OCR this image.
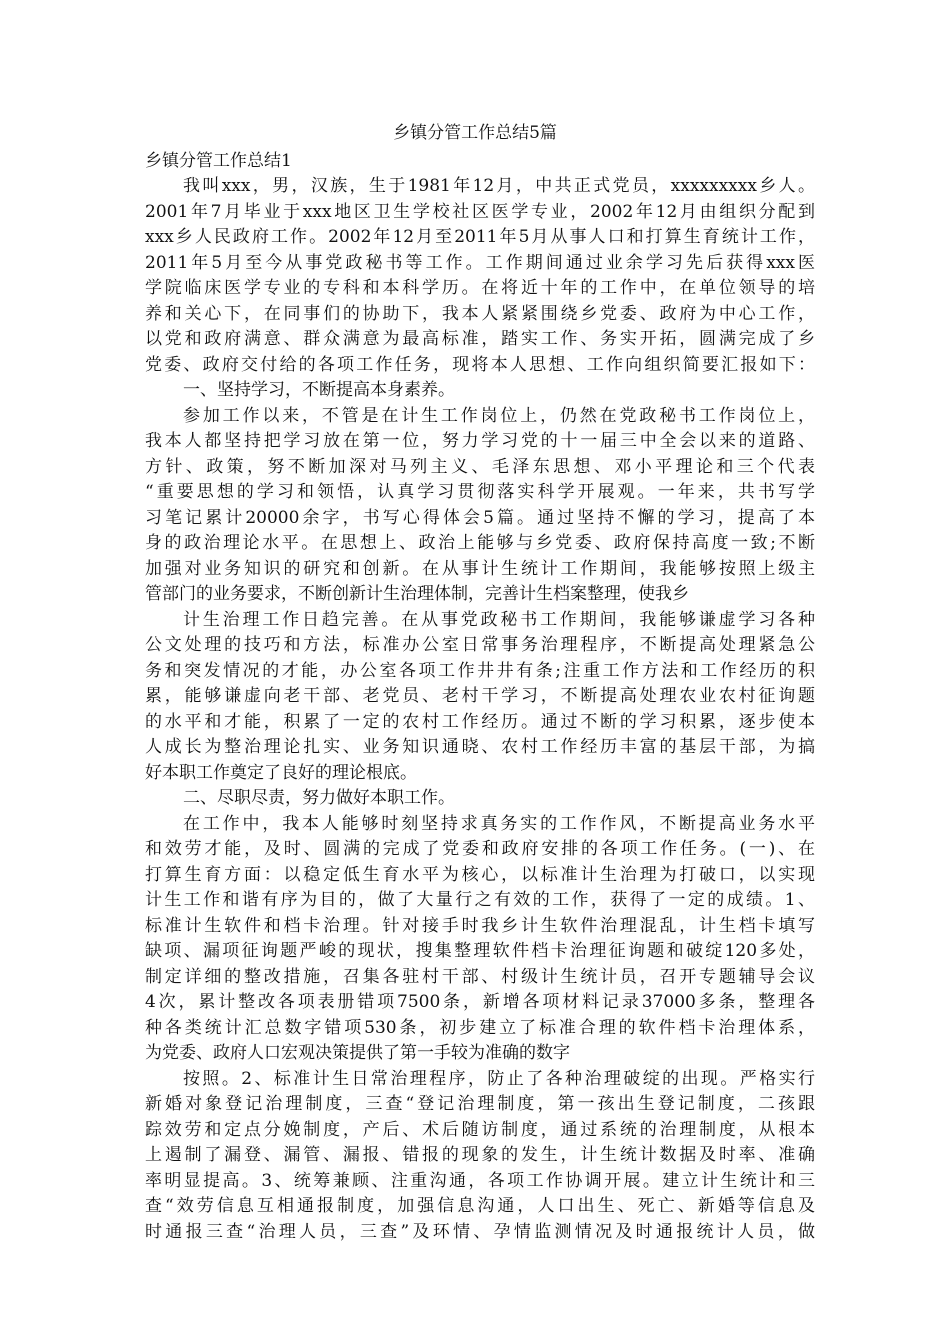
乡镇分管工作总结5篇
乡镇分管工作总结1
我叫xxx，男，汉族，生于1981年12月，中共正式党员，xxxxxxxxx乡人。
2001年7月毕业于xxx地区卫生学校社区医学专业，2002年12月由组织分配到
xxx乡人民政府工作。2002年12月至2011年5月从事人口和打算生育统计工作，
2011年5月至今从事党政秘书等工作。工作期间通过业余学习先后获得xxx医
学院临床医学专业的专科和本科学历。在将近十年的工作中，在单位领导的培
养和关心下，在同事们的协助下，我本人紧紧围绕乡党委、政府为中心工作，
以党和政府满意、群众满意为最高标准，踏实工作、务实开拓，圆满完成了乡
党委、政府交付给的各项工作任务，现将本人思想、工作向组织简要汇报如下：
一、坚持学习，不断提高本身素养。
参加工作以来，不管是在计生工作岗位上，仍然在党政秘书工作岗位上，
我本人都坚持把学习放在第一位，努力学习党的十一届三中全会以来的道路、
方针、政策，努不断加深对马列主义、毛泽东思想、邓小平理论和三个代表
“重要思想的学习和领悟，认真学习贯彻落实科学开展观。一年来，共书写学
习笔记累计20000余字，书写心得体会5篇。通过坚持不懈的学习，提高了本
身的政治理论水平。在思想上、政治上能够与乡党委、政府保持高度一致;不断
加强对业务知识的研究和创新。在从事计生统计工作期间，我能够按照上级主
管部门的业务要求，不断创新计生治理体制，完善计生档案整理，使我乡
计生治理工作日趋完善。在从事党政秘书工作期间，我能够谦虚学习各种
公文处理的技巧和方法，标准办公室日常事务治理程序，不断提高处理紧急公
务和突发情况的才能，办公室各项工作井井有条;注重工作方法和工作经历的积
累，能够谦虚向老干部、老党员、老村干学习，不断提高处理农业农村征询题
的水平和才能，积累了一定的农村工作经历。通过不断的学习积累，逐步使本
人成长为整治理论扎实、业务知识通晓、农村工作经历丰富的基层干部，为搞
好本职工作奠定了良好的理论根底。
二、尽职尽责，努力做好本职工作。
在工作中，我本人能够时刻坚持求真务实的工作作风，不断提高业务水平
和效劳才能，及时、圆满的完成了党委和政府安排的各项工作任务。(一)、在
打算生育方面：以稳定低生育水平为核心，以标准计生治理为打破口，以实现
计生工作和谐有序为目的，做了大量行之有效的工作，获得了一定的成绩。1、
标准计生软件和档卡治理。针对接手时我乡计生软件治理混乱，计生档卡填写
缺项、漏项征询题严峻的现状，搜集整理软件档卡治理征询题和破绽120多处，
制定详细的整改措施，召集各驻村干部、村级计生统计员，召开专题辅导会议
4次，累计整改各项表册错项7500条，新增各项材料记录37000多条，整理各
种各类统计汇总数字错项530条，初步建立了标准合理的软件档卡治理体系，
为党委、政府人口宏观决策提供了第一手较为准确的数字
按照。2、标准计生日常治理程序，防止了各种治理破绽的出现。严格实行
新婚对象登记治理制度，三查“登记治理制度，第一孩出生登记制度，二孩跟
踪效劳和定点分娩制度，产后、术后随访制度，通过系统的治理制度，从根本
上遏制了漏登、漏管、漏报、错报的现象的发生，计生统计数据及时率、准确
率明显提高。3、统筹兼顾、注重沟通，各项工作协调开展。建立计生统计和三
查“效劳信息互相通报制度，加强信息沟通，人口出生、死亡、新婚等信息及
时通报三查“治理人员，三查”及环情、孕情监测情况及时通报统计人员，做
